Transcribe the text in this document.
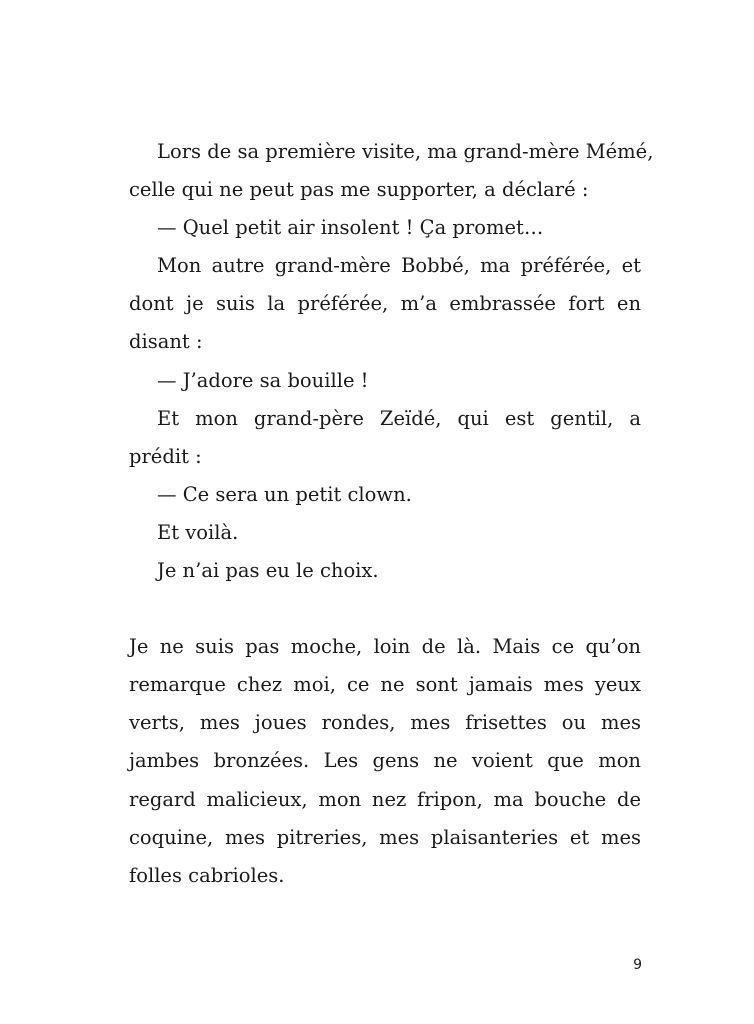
Lors de sa première visite, ma grand-mère Mémé,
celle qui ne peut pas me supporter, a déclaré :
— Quel petit air insolent ! Ça promet…
Mon autre grand-mère Bobbé, ma préférée, et
dont je suis la préférée, m’a embrassée fort en
disant :
— J’adore sa bouille !
Et mon grand-père Zeïdé, qui est gentil, a
prédit :
— Ce sera un petit clown.
Et voilà.
Je n’ai pas eu le choix.
Je ne suis pas moche, loin de là. Mais ce qu’on
remarque chez moi, ce ne sont jamais mes yeux
verts, mes joues rondes, mes frisettes ou mes
jambes bronzées. Les gens ne voient que mon
regard malicieux, mon nez fripon, ma bouche de
coquine, mes pitreries, mes plaisanteries et mes
folles cabrioles.
9
